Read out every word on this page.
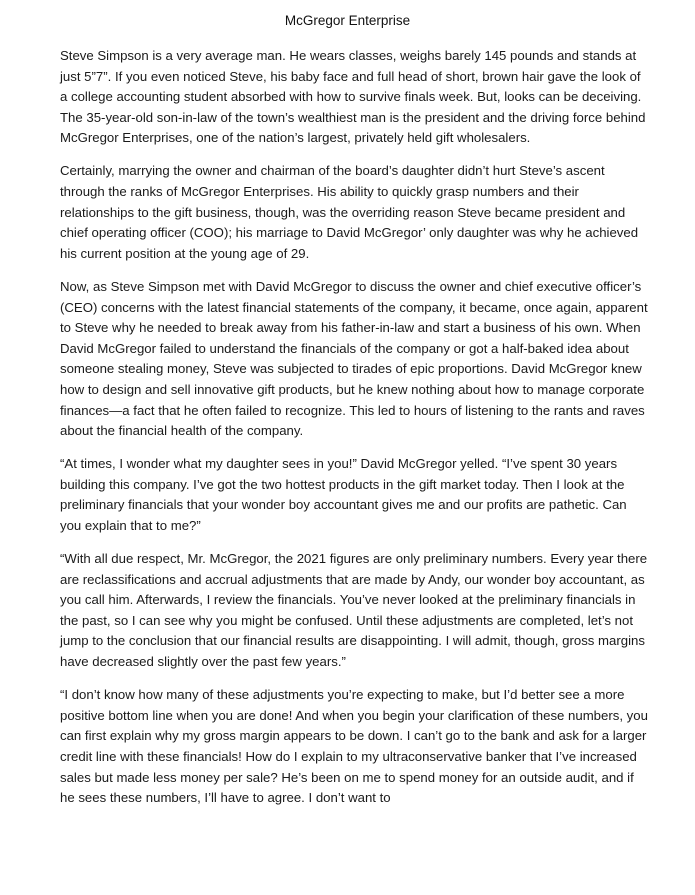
McGregor Enterprise

Steve Simpson is a very average man. He wears classes, weighs barely 145 pounds and stands at just 5”7”. If you even noticed Steve, his baby face and full head of short, brown hair gave the look of a college accounting student absorbed with how to survive finals week. But, looks can be deceiving. The 35-year-old son-in-law of the town’s wealthiest man is the president and the driving force behind McGregor Enterprises, one of the nation’s largest, privately held gift wholesalers.

Certainly, marrying the owner and chairman of the board’s daughter didn’t hurt Steve’s ascent through the ranks of McGregor Enterprises. His ability to quickly grasp numbers and their relationships to the gift business, though, was the overriding reason Steve became president and chief operating officer (COO); his marriage to David McGregor’ only daughter was why he achieved his current position at the young age of 29.

Now, as Steve Simpson met with David McGregor to discuss the owner and chief executive officer’s (CEO) concerns with the latest financial statements of the company, it became, once again, apparent to Steve why he needed to break away from his father-in-law and start a business of his own. When David McGregor failed to understand the financials of the company or got a half-baked idea about someone stealing money, Steve was subjected to tirades of epic proportions. David McGregor knew how to design and sell innovative gift products, but he knew nothing about how to manage corporate finances—a fact that he often failed to recognize. This led to hours of listening to the rants and raves about the financial health of the company.

“At times, I wonder what my daughter sees in you!” David McGregor yelled. “I’ve spent 30 years building this company. I’ve got the two hottest products in the gift market today. Then I look at the preliminary financials that your wonder boy accountant gives me and our profits are pathetic. Can you explain that to me?”

“With all due respect, Mr. McGregor, the 2021 figures are only preliminary numbers. Every year there are reclassifications and accrual adjustments that are made by Andy, our wonder boy accountant, as you call him. Afterwards, I review the financials. You’ve never looked at the preliminary financials in the past, so I can see why you might be confused. Until these adjustments are completed, let’s not jump to the conclusion that our financial results are disappointing. I will admit, though, gross margins have decreased slightly over the past few years.”

“I don’t know how many of these adjustments you’re expecting to make, but I’d better see a more positive bottom line when you are done! And when you begin your clarification of these numbers, you can first explain why my gross margin appears to be down. I can’t go to the bank and ask for a larger credit line with these financials! How do I explain to my ultraconservative banker that I’ve increased sales but made less money per sale? He’s been on me to spend money for an outside audit, and if he sees these numbers, I’ll have to agree. I don’t want to
